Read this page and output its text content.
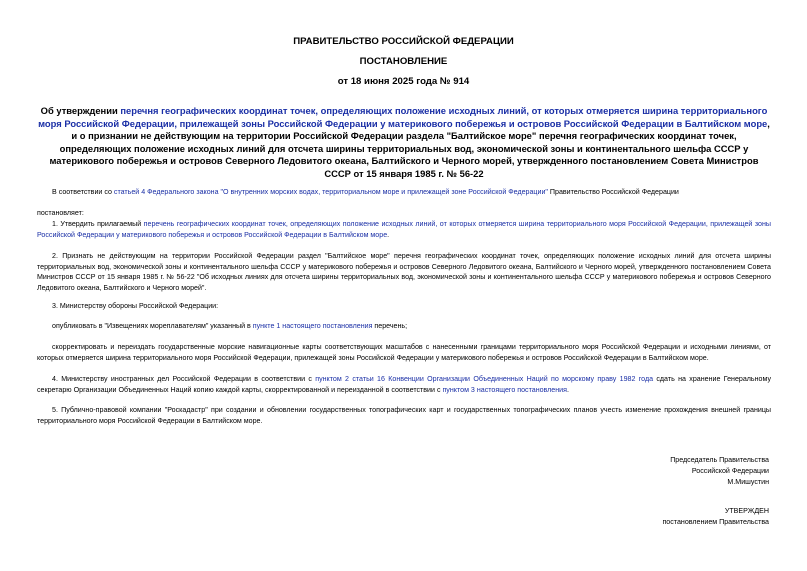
ПРАВИТЕЛЬСТВО РОССИЙСКОЙ ФЕДЕРАЦИИ
ПОСТАНОВЛЕНИЕ
от 18 июня 2025 года № 914
Об утверждении перечня географических координат точек, определяющих положение исходных линий, от которых отмеряется ширина территориального моря Российской Федерации, прилежащей зоны Российской Федерации у материкового побережья и островов Российской Федерации в Балтийском море, и о признании не действующим на территории Российской Федерации раздела "Балтийское море" перечня географических координат точек, определяющих положение исходных линий для отсчета ширины территориальных вод, экономической зоны и континентального шельфа СССР у материкового побережья и островов Северного Ледовитого океана, Балтийского и Черного морей, утвержденного постановлением Совета Министров СССР от 15 января 1985 г. № 56-22
В соответствии со статьей 4 Федерального закона "О внутренних морских водах, территориальном море и прилежащей зоне Российской Федерации" Правительство Российской Федерации
постановляет:
1. Утвердить прилагаемый перечень географических координат точек, определяющих положение исходных линий, от которых отмеряется ширина территориального моря Российской Федерации, прилежащей зоны Российской Федерации у материкового побережья и островов Российской Федерации в Балтийском море.
2. Признать не действующим на территории Российской Федерации раздел "Балтийское море" перечня географических координат точек, определяющих положение исходных линий для отсчета ширины территориальных вод, экономической зоны и континентального шельфа СССР у материкового побережья и островов Северного Ледовитого океана, Балтийского и Черного морей, утвержденного постановлением Совета Министров СССР от 15 января 1985 г. № 56-22 "Об исходных линиях для отсчета ширины территориальных вод, экономической зоны и континентального шельфа СССР у материкового побережья и островов Северного Ледовитого океана, Балтийского и Черного морей".
3. Министерству обороны Российской Федерации:
опубликовать в "Извещениях мореплавателям" указанный в пункте 1 настоящего постановления перечень;
скорректировать и переиздать государственные морские навигационные карты соответствующих масштабов с нанесенными границами территориального моря Российской Федерации и исходными линиями, от которых отмеряется ширина территориального моря Российской Федерации, прилежащей зоны Российской Федерации у материкового побережья и островов Российской Федерации в Балтийском море.
4. Министерству иностранных дел Российской Федерации в соответствии с пунктом 2 статьи 16 Конвенции Организации Объединенных Наций по морскому праву 1982 года сдать на хранение Генеральному секретарю Организации Объединенных Наций копию каждой карты, скорректированной и переизданной в соответствии с пунктом 3 настоящего постановления.
5. Публично-правовой компании "Роскадастр" при создании и обновлении государственных топографических карт и государственных топографических планов учесть изменение прохождения внешней границы территориального моря Российской Федерации в Балтийском море.
Председатель Правительства
Российской Федерации
М.Мишустин
УТВЕРЖДЕН
постановлением Правительства
